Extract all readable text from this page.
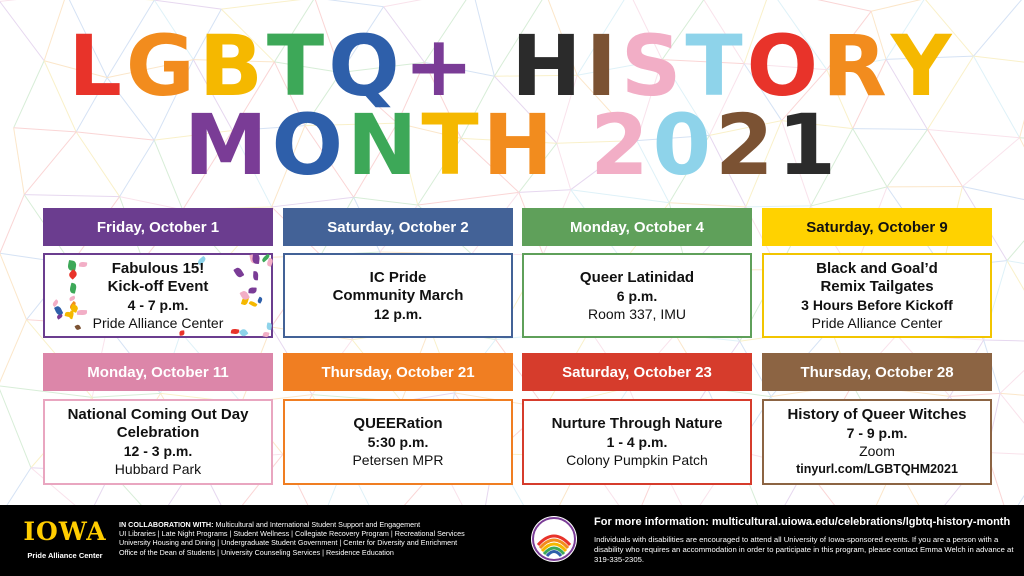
LGBTQ+ HISTORY
MONTH 2021
Friday, October 1
Fabulous 15!
Kick-off Event
4 - 7 p.m.
Pride Alliance Center
Saturday, October 2
IC Pride
Community March
12 p.m.
Monday, October 4
Queer Latinidad
6 p.m.
Room 337, IMU
Saturday, October 9
Black and Goal’d
Remix Tailgates
3 Hours Before Kickoff
Pride Alliance Center
Monday, October 11
National Coming Out Day
Celebration
12 - 3 p.m.
Hubbard Park
Thursday, October 21
QUEERation
5:30 p.m.
Petersen MPR
Saturday, October 23
Nurture Through Nature
1 - 4 p.m.
Colony Pumpkin Patch
Thursday, October 28
History of Queer Witches
7 - 9 p.m.
Zoom
tinyurl.com/LGBTQHM2021
IOWA
Pride Alliance Center
IN COLLABORATION WITH: Multicultural and International Student Support and Engagement
UI Libraries | Late Night Programs | Student Wellness | Collegiate Recovery Program | Recreational Services
University Housing and Dining | Undergraduate Student Government | Center for Diversity and Enrichment
Office of the Dean of Students | University Counseling Services | Residence Education
For more information: multicultural.uiowa.edu/celebrations/lgbtq-history-month
Individuals with disabilities are encouraged to attend all University of Iowa-sponsored events. If you are a person with a disability who requires an accommodation in order to participate in this program, please contact Emma Welch in advance at 319-335-2305.
